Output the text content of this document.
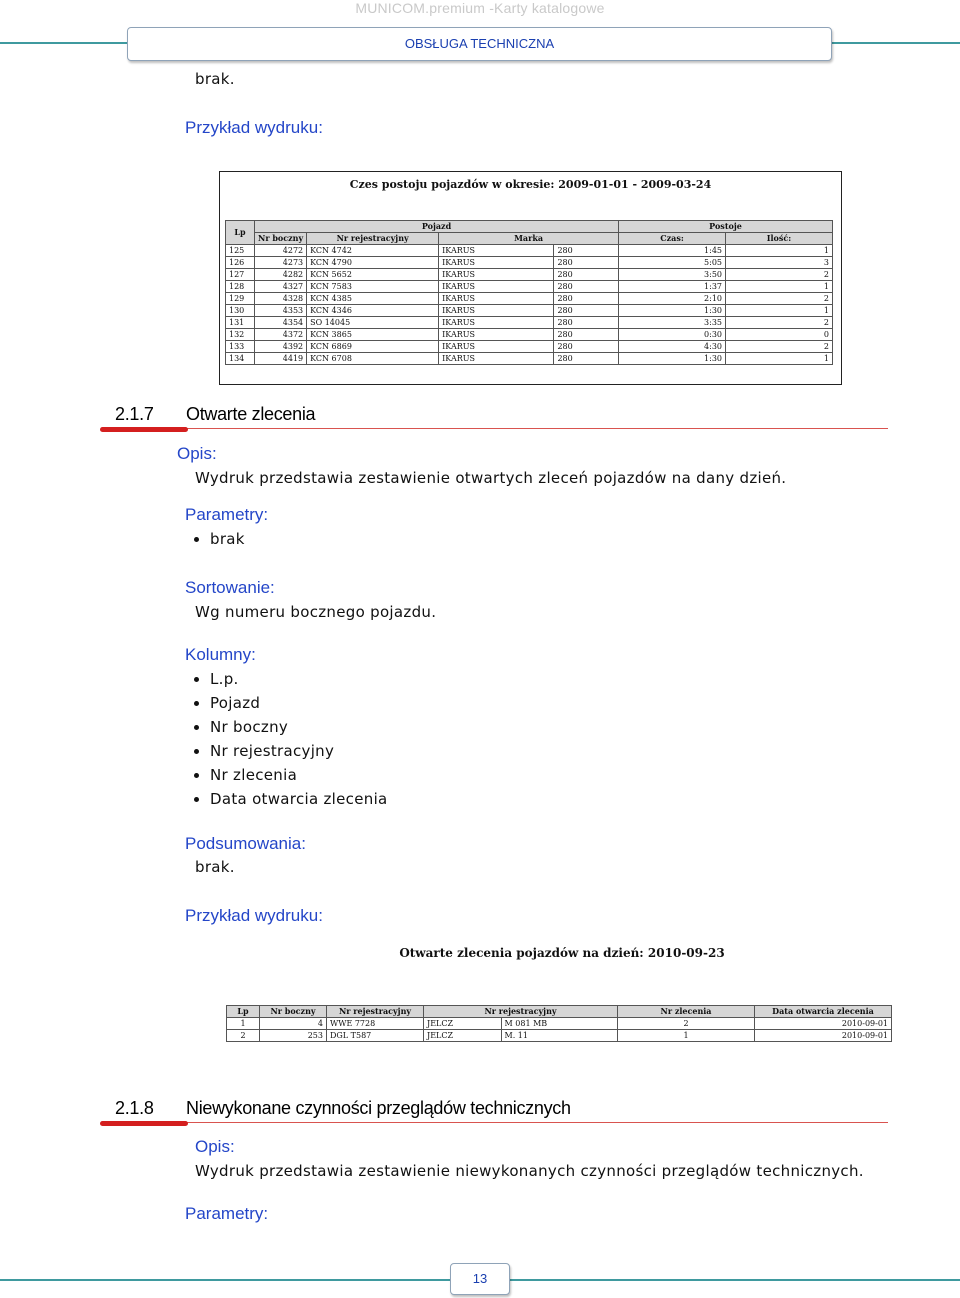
MUNICOM.premium -Karty katalogowe
OBSŁUGA TECHNICZNA
brak.
Przykład wydruku:
Czes postoju pojazdów w okresie: 2009-01-01 - 2009-03-24
Lp	Pojazd				Postoje	
	Nr boczny	Nr rejestracyjny	Marka		Czas:	Ilość:
125	4272	KCN 4742	IKARUS	280	1:45	1
126	4273	KCN 4790	IKARUS	280	5:05	3
127	4282	KCN 5652	IKARUS	280	3:50	2
128	4327	KCN 7583	IKARUS	280	1:37	1
129	4328	KCN 4385	IKARUS	280	2:10	2
130	4353	KCN 4346	IKARUS	280	1:30	1
131	4354	SO 14045	IKARUS	280	3:35	2
132	4372	KCN 3865	IKARUS	280	0:30	0
133	4392	KCN 6869	IKARUS	280	4:30	2
134	4419	KCN 6708	IKARUS	280	1:30	1
2.1.7 Otwarte zlecenia
Opis:
Wydruk przedstawia zestawienie otwartych zleceń pojazdów na dany dzień.
Parametry:
brak
Sortowanie:
Wg numeru bocznego pojazdu.
Kolumny:
L.p.
Pojazd
Nr boczny
Nr rejestracyjny
Nr zlecenia
Data otwarcia zlecenia
Podsumowania:
brak.
Przykład wydruku:
Otwarte zlecenia pojazdów na dzień: 2010-09-23
Lp	Nr boczny	Nr rejestracyjny	Nr rejestracyjny		Nr zlecenia	Data otwarcia zlecenia
1	4	WWE 7728	JELCZ	M 081 MB	2	2010-09-01
2	253	DGL T587	JELCZ	M. 11	1	2010-09-01
2.1.8 Niewykonane czynności przeglądów technicznych
Opis:
Wydruk przedstawia zestawienie niewykonanych czynności przeglądów technicznych.
Parametry:
13
